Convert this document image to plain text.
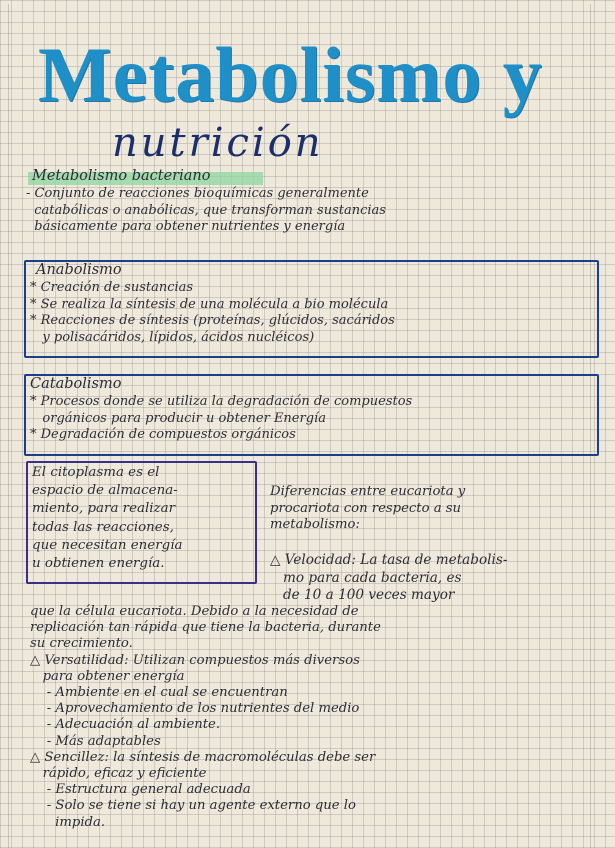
Metabolismo y
nutrición
Metabolismo bacteriano
- Conjunto de reacciones bioquímicas generalmente
catabólicas o anabólicas, que transforman sustancias
básicamente para obtener nutrientes y energía
Anabolismo
* Creación de sustancias
* Se realiza la síntesis de una molécula a bio molécula
* Reacciones de síntesis (proteínas, glúcidos, sacáridos
y polisacáridos, lípidos, ácidos nucléicos)
Catabolismo
* Procesos donde se utiliza la degradación de compuestos
orgánicos para producir u obtener Energía
* Degradación de compuestos orgánicos
El citoplasma es el
espacio de almacena-
miento, para realizar
todas las reacciones,
que necesitan energía
u obtienen energía.
Diferencias entre eucariota y
procariota con respecto a su
metabolismo:
△ Velocidad: La tasa de metabolis-
mo para cada bacteria, es
de 10 a 100 veces mayor
que la célula eucariota. Debido a la necesidad de
replicación tan rápida que tiene la bacteria, durante
su crecimiento.
△ Versatilidad: Utilizan compuestos más diversos
para obtener energía
- Ambiente en el cual se encuentran
- Aprovechamiento de los nutrientes del medio
- Adecuación al ambiente.
- Más adaptables
△ Sencillez: la síntesis de macromoléculas debe ser
rápido, eficaz y eficiente
- Estructura general adecuada
- Solo se tiene si hay un agente externo que lo
impida.
